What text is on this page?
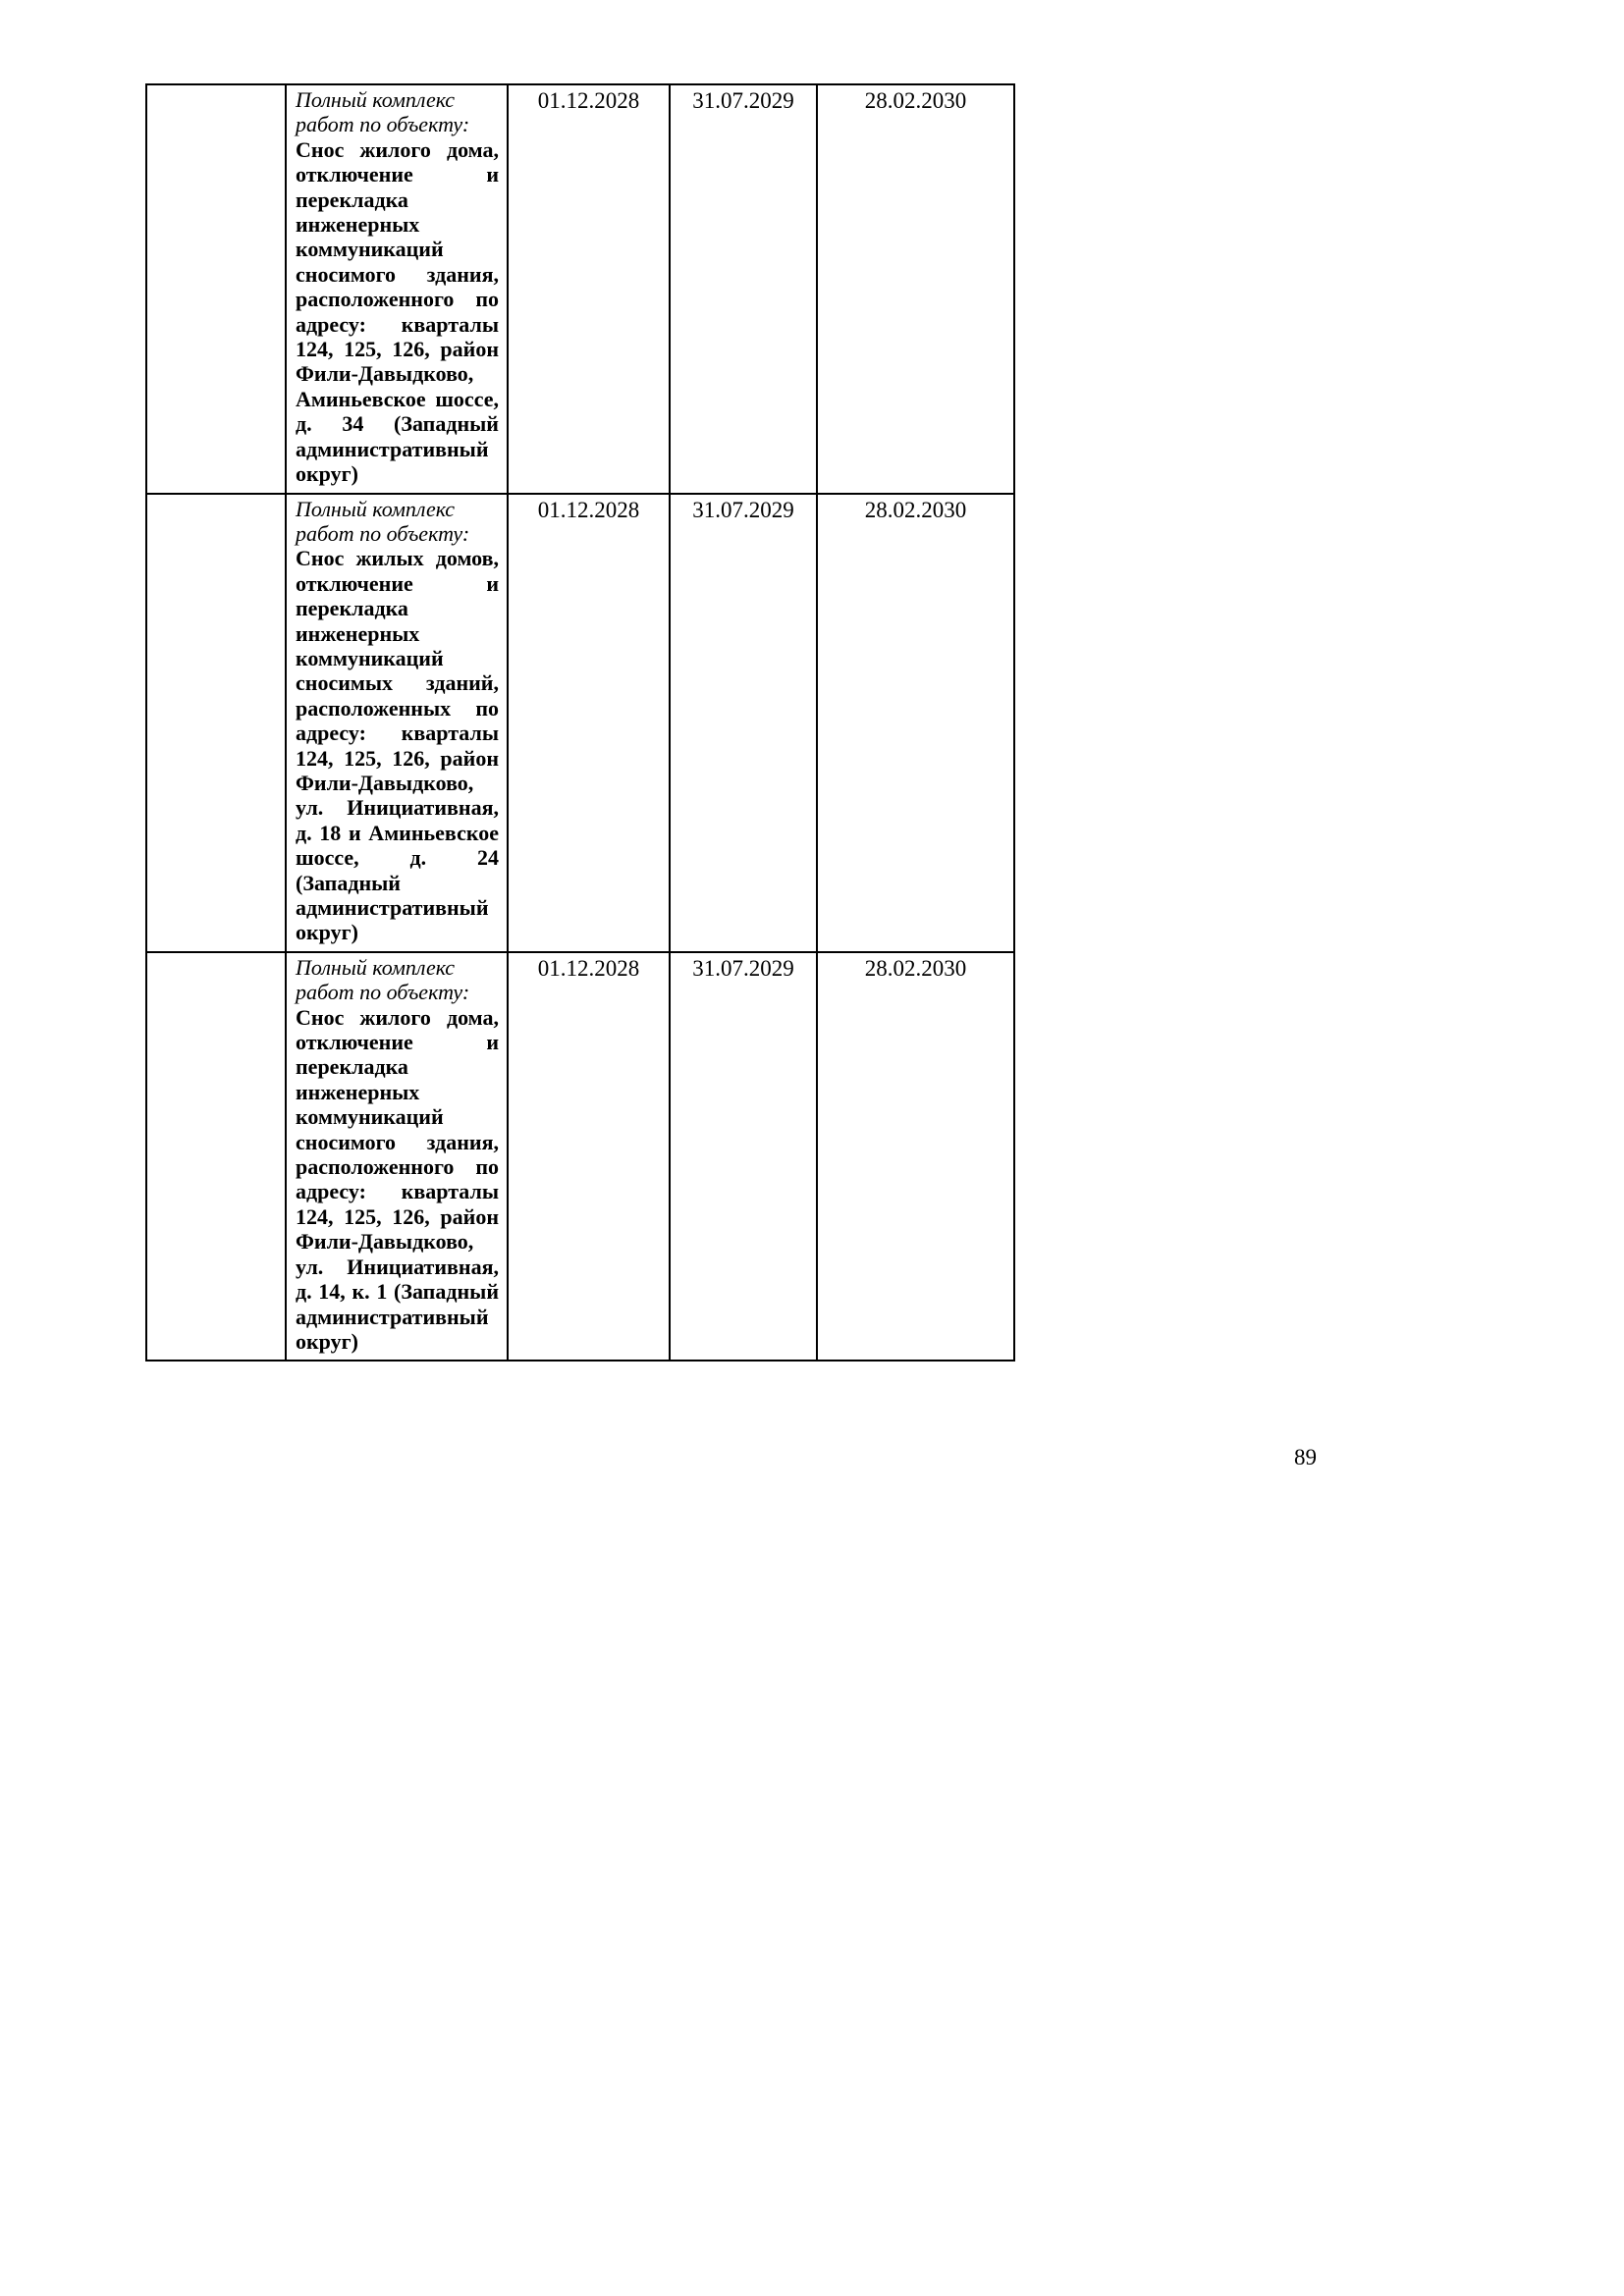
	Полный комплекс работ по объекту:
Снос жилого дома, отключение и перекладка инженерных коммуникаций сносимого здания, расположенного по адресу: кварталы 124, 125, 126, район Фили-Давыдково, Аминьевское шоссе, д. 34 (Западный административный округ)	01.12.2028	31.07.2029	28.02.2030

	Полный комплекс работ по объекту:
Снос жилых домов, отключение и перекладка инженерных коммуникаций сносимых зданий, расположенных по адресу: кварталы 124, 125, 126, район Фили-Давыдково, ул. Инициативная, д. 18 и Аминьевское шоссе, д. 24 (Западный административный округ)	01.12.2028	31.07.2029	28.02.2030

	Полный комплекс работ по объекту:
Снос жилого дома, отключение и перекладка инженерных коммуникаций сносимого здания, расположенного по адресу: кварталы 124, 125, 126, район Фили-Давыдково, ул. Инициативная, д. 14, к. 1 (Западный административный округ)	01.12.2028	31.07.2029	28.02.2030
89
